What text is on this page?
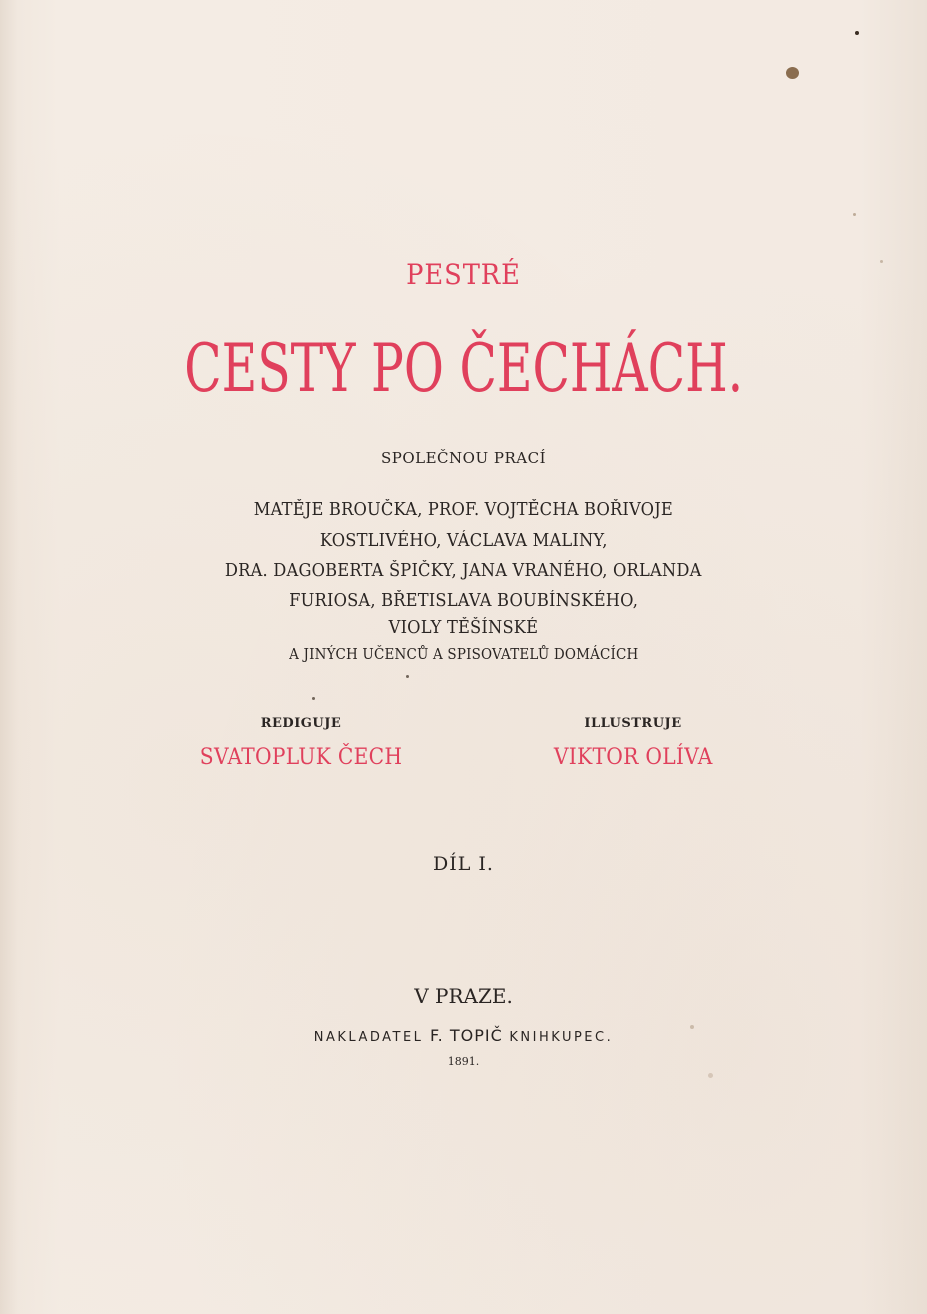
PESTRÉ

CESTY PO ČECHÁCH.

SPOLEČNOU PRACÍ

MATĚJE BROUČKA, PROF. VOJTĚCHA BOŘIVOJE

KOSTLIVÉHO, VÁCLAVA MALINY,

DRA. DAGOBERTA ŠPIČKY, JANA VRANÉHO, ORLANDA

FURIOSA, BŘETISLAVA BOUBÍNSKÉHO,

VIOLY TĚŠÍNSKÉ

A JINÝCH UČENCŮ A SPISOVATELŮ DOMÁCÍCH

REDIGUJE
SVATOPLUK ČECH
ILLUSTRUJE
VIKTOR OLÍVA

DÍL I.

V PRAZE.

NAKLADATEL F. TOPIČ KNIHKUPEC.

1891.
